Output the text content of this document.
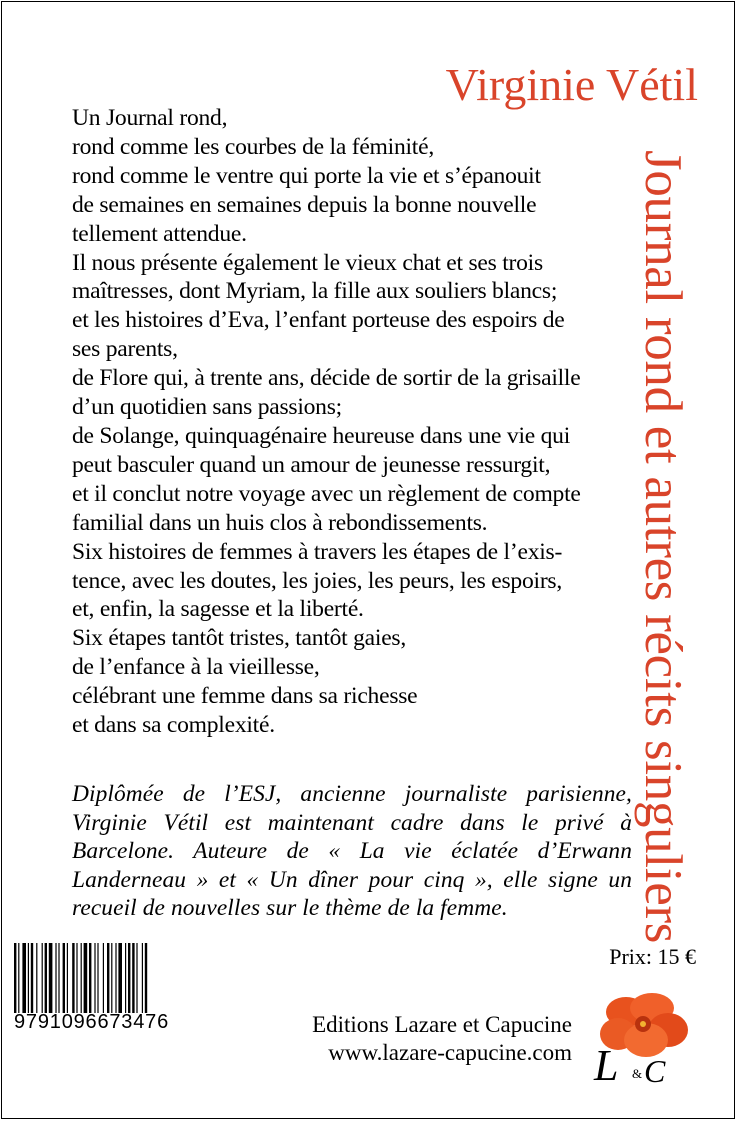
Virginie Vétil
Journal rond et autres récits singuliers
Un Journal rond,
rond comme les courbes de la féminité,
rond comme le ventre qui porte la vie et s’épanouit
de semaines en semaines depuis la bonne nouvelle
tellement attendue.
Il nous présente également le vieux chat et ses trois
maîtresses, dont Myriam, la fille aux souliers blancs;
et les histoires d’Eva, l’enfant porteuse des espoirs de
ses parents,
de Flore qui, à trente ans, décide de sortir de la grisaille
d’un quotidien sans passions;
de Solange, quinquagénaire heureuse dans une vie qui
peut basculer quand un amour de jeunesse ressurgit,
et il conclut notre voyage avec un règlement de compte
familial dans un huis clos à rebondissements.
Six histoires de femmes à travers les étapes de l’exis-
tence, avec les doutes, les joies, les peurs, les espoirs,
et, enfin, la sagesse et la liberté.
Six étapes tantôt tristes, tantôt gaies,
de l’enfance à la vieillesse,
célébrant une femme dans sa richesse
et dans sa complexité.
Diplômée de l’ESJ, ancienne journaliste parisienne,
Virginie Vétil est maintenant cadre dans le privé à
Barcelone. Auteure de « La vie éclatée d’Erwann
Landerneau » et « Un dîner pour cinq », elle signe un
recueil de nouvelles sur le thème de la femme.
9791096673476
Prix: 15 €
Editions Lazare et Capucine
www.lazare-capucine.com L & C
